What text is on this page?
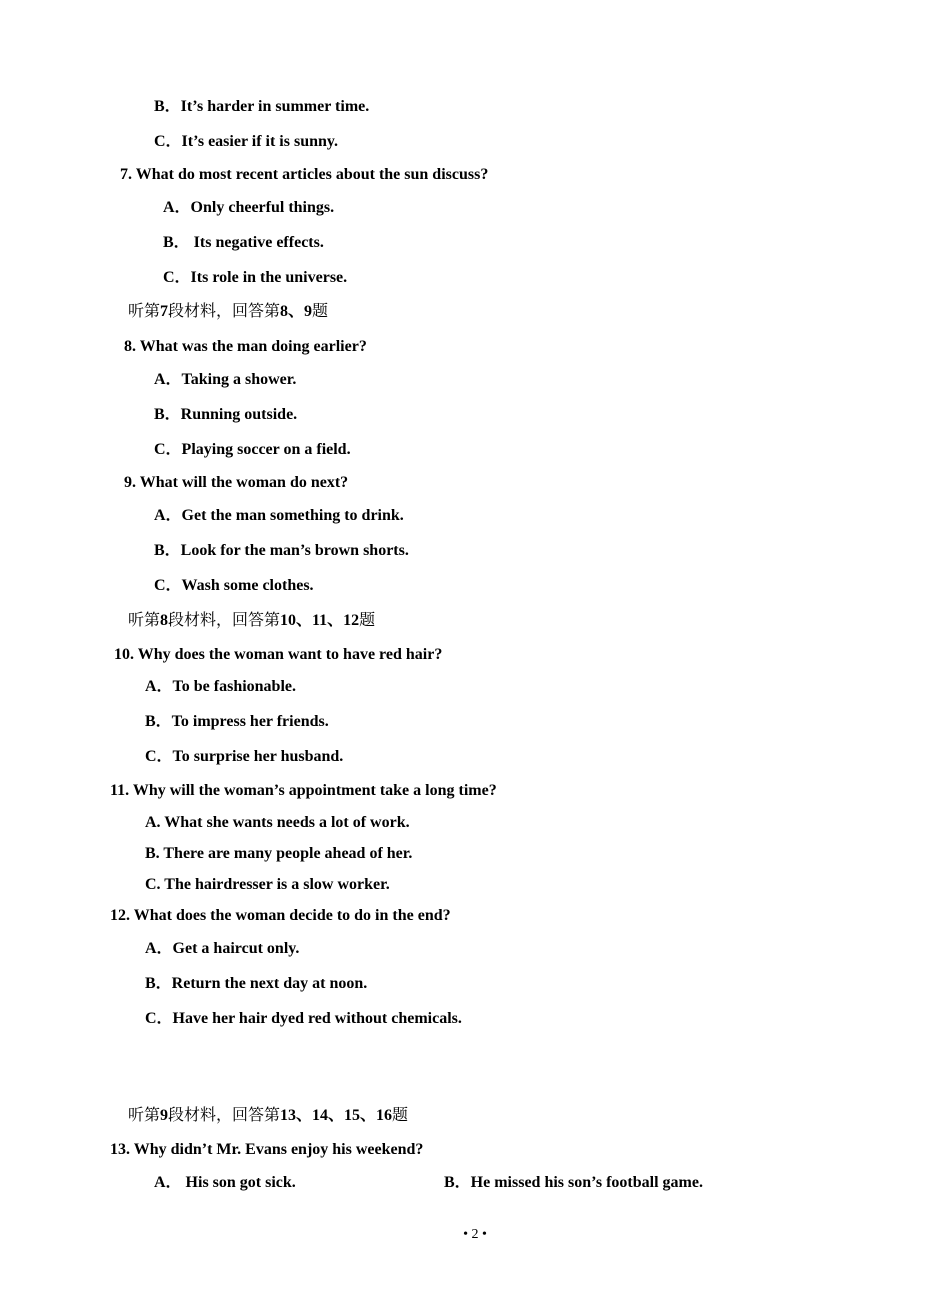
B．It’s harder in summer time.
C．It’s easier if it is sunny.
7. What do most recent articles about the sun discuss?
A．Only cheerful things.
B． Its negative effects.
C．Its role in the universe.
听第7段材料，回答第8、9题
8. What was the man doing earlier?
A．Taking a shower.
B．Running outside.
C．Playing soccer on a field.
9. What will the woman do next?
A．Get the man something to drink.
B．Look for the man’s brown shorts.
C．Wash some clothes.
听第8段材料，回答第10、11、12题
10. Why does the woman want to have red hair?
A．To be fashionable.
B．To impress her friends.
C．To surprise her husband.
11. Why will the woman’s appointment take a long time?
A. What she wants needs a lot of work.
B. There are many people ahead of her.
C. The hairdresser is a slow worker.
12. What does the woman decide to do in the end?
A．Get a haircut only.
B．Return the next day at noon.
C．Have her hair dyed red without chemicals.
听第9段材料，回答第13、14、15、16题
13. Why didn’t Mr. Evans enjoy his weekend?
A． His son got sick.	B．He missed his son’s football game.
• 2 •
